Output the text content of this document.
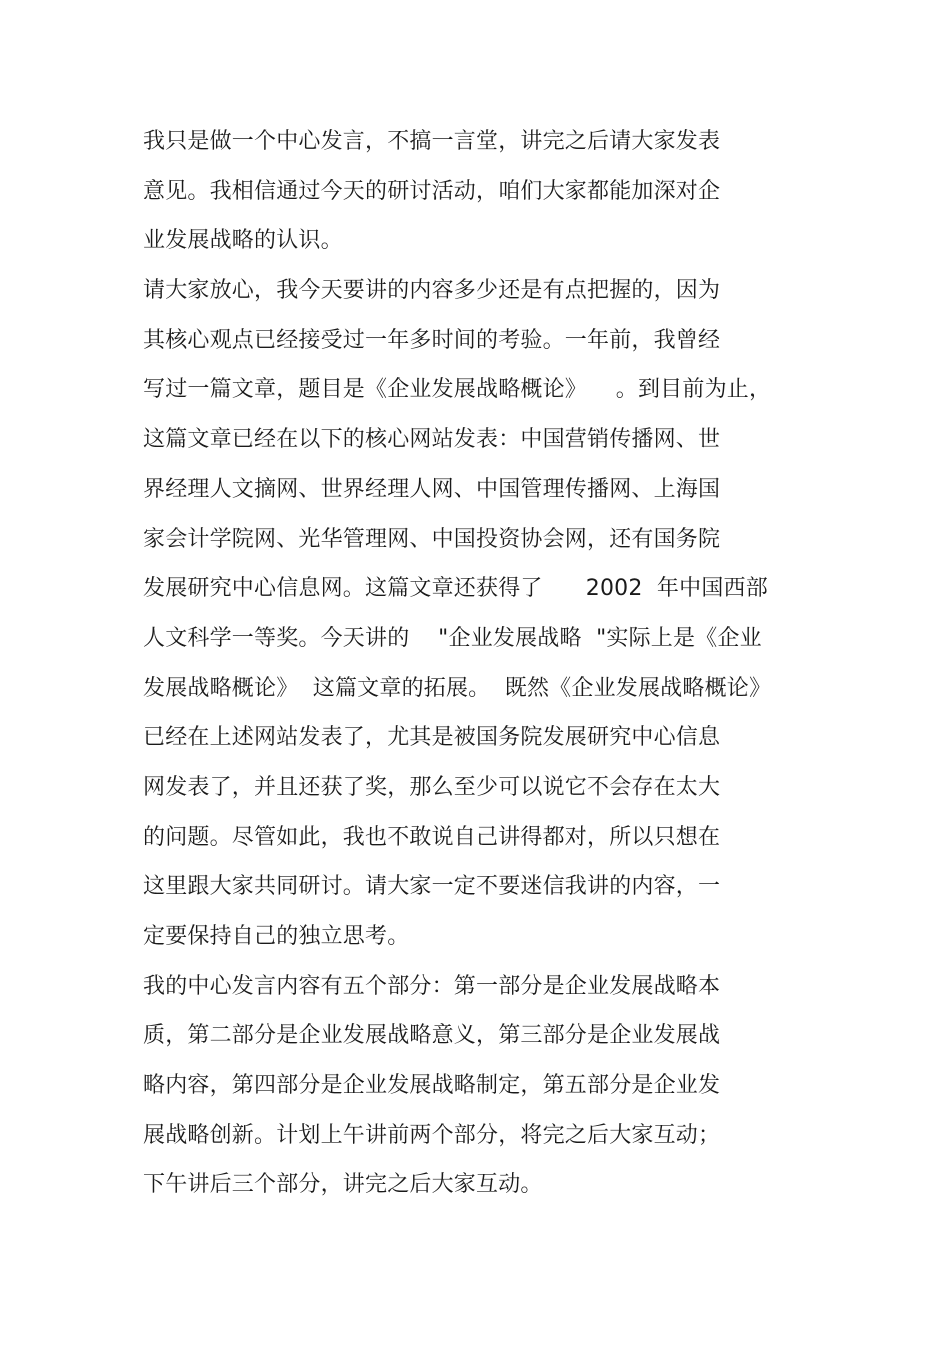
我只是做一个中心发言，不搞一言堂，讲完之后请大家发表
意见。我相信通过今天的研讨活动，咱们大家都能加深对企
业发展战略的认识。
请大家放心，我今天要讲的内容多少还是有点把握的，因为
其核心观点已经接受过一年多时间的考验。一年前，我曾经
写过一篇文章，题目是《企业发展战略概论》    。到目前为止，
这篇文章已经在以下的核心网站发表：中国营销传播网、世
界经理人文摘网、世界经理人网、中国管理传播网、上海国
家会计学院网、光华管理网、中国投资协会网，还有国务院
发展研究中心信息网。这篇文章还获得了      2002  年中国西部
人文科学一等奖。今天讲的    "企业发展战略  "实际上是《企业
发展战略概论》  这篇文章的拓展。  既然《企业发展战略概论》
已经在上述网站发表了，尤其是被国务院发展研究中心信息
网发表了，并且还获了奖，那么至少可以说它不会存在太大
的问题。尽管如此，我也不敢说自己讲得都对，所以只想在
这里跟大家共同研讨。请大家一定不要迷信我讲的内容，一
定要保持自己的独立思考。
我的中心发言内容有五个部分：第一部分是企业发展战略本
质，第二部分是企业发展战略意义，第三部分是企业发展战
略内容，第四部分是企业发展战略制定，第五部分是企业发
展战略创新。计划上午讲前两个部分，将完之后大家互动；
下午讲后三个部分，讲完之后大家互动。
